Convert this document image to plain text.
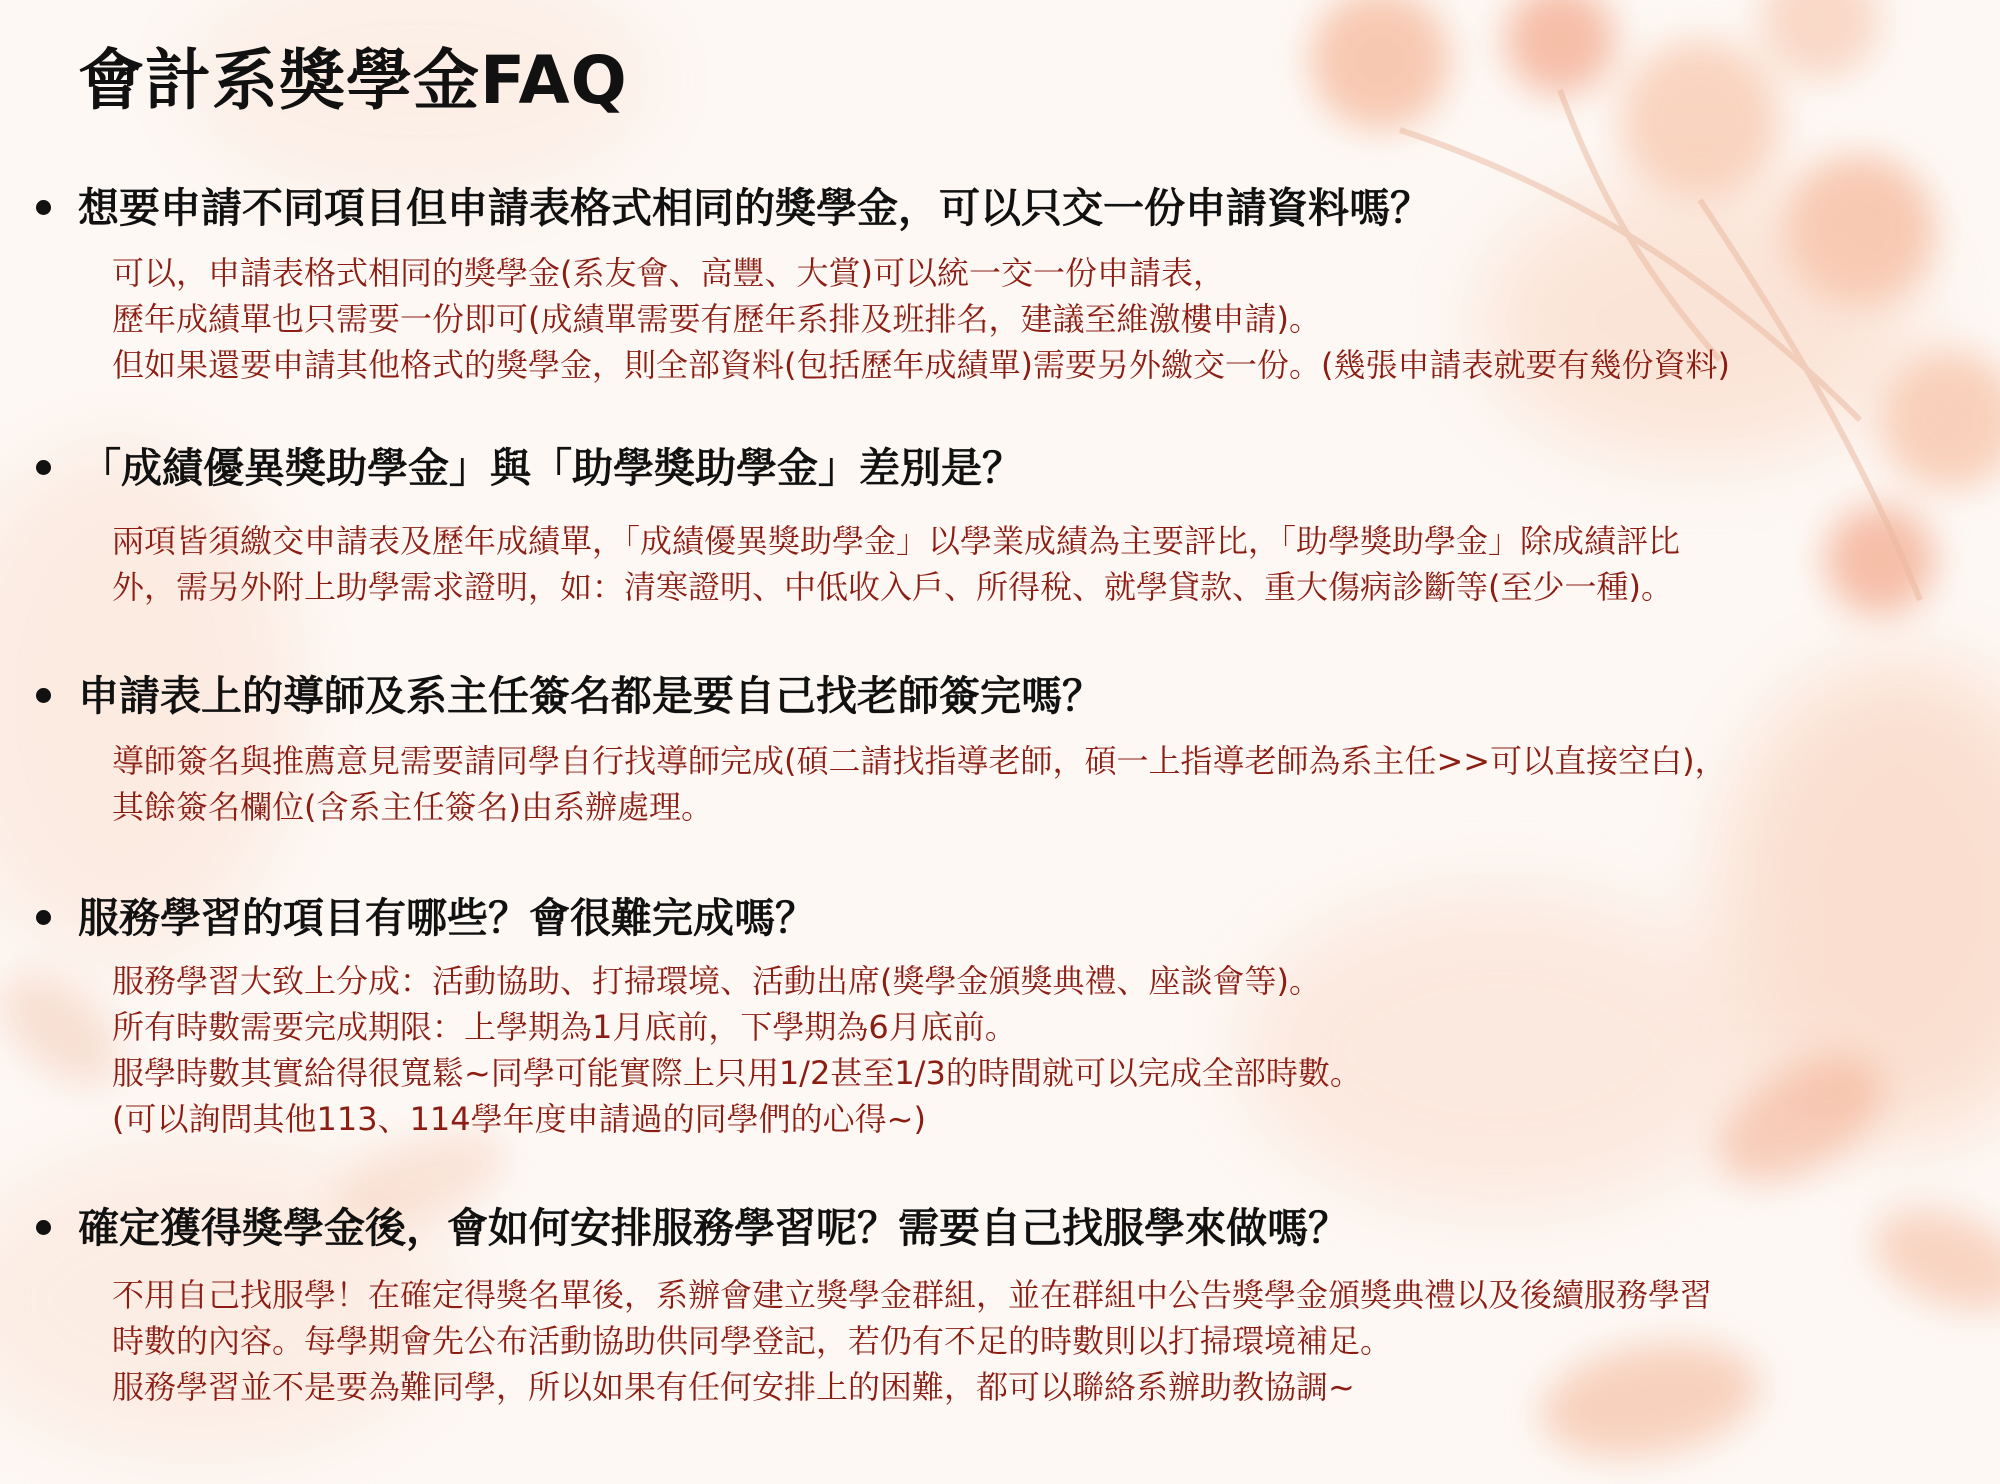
會計系獎學金FAQ
想要申請不同項目但申請表格式相同的獎學金，可以只交一份申請資料嗎？

可以，申請表格式相同的獎學金(系友會、高豐、大賞)可以統一交一份申請表，
歷年成績單也只需要一份即可(成績單需要有歷年系排及班排名，建議至維激樓申請)。
但如果還要申請其他格式的獎學金，則全部資料(包括歷年成績單)需要另外繳交一份。(幾張申請表就要有幾份資料)

「成績優異獎助學金」與「助學獎助學金」差別是？

兩項皆須繳交申請表及歷年成績單，「成績優異獎助學金」以學業成績為主要評比，「助學獎助學金」除成績評比
外，需另外附上助學需求證明，如：清寒證明、中低收入戶、所得稅、就學貸款、重大傷病診斷等(至少一種)。

申請表上的導師及系主任簽名都是要自己找老師簽完嗎？

導師簽名與推薦意見需要請同學自行找導師完成(碩二請找指導老師，碩一上指導老師為系主任>>可以直接空白)，
其餘簽名欄位(含系主任簽名)由系辦處理。

服務學習的項目有哪些？會很難完成嗎？

服務學習大致上分成：活動協助、打掃環境、活動出席(獎學金頒獎典禮、座談會等)。
所有時數需要完成期限：上學期為1月底前，下學期為6月底前。
服學時數其實給得很寬鬆~同學可能實際上只用1/2甚至1/3的時間就可以完成全部時數。
(可以詢問其他113、114學年度申請過的同學們的心得~)

確定獲得獎學金後，會如何安排服務學習呢？需要自己找服學來做嗎？

不用自己找服學！在確定得獎名單後，系辦會建立獎學金群組，並在群組中公告獎學金頒獎典禮以及後續服務學習
時數的內容。每學期會先公布活動協助供同學登記，若仍有不足的時數則以打掃環境補足。
服務學習並不是要為難同學，所以如果有任何安排上的困難，都可以聯絡系辦助教協調~
